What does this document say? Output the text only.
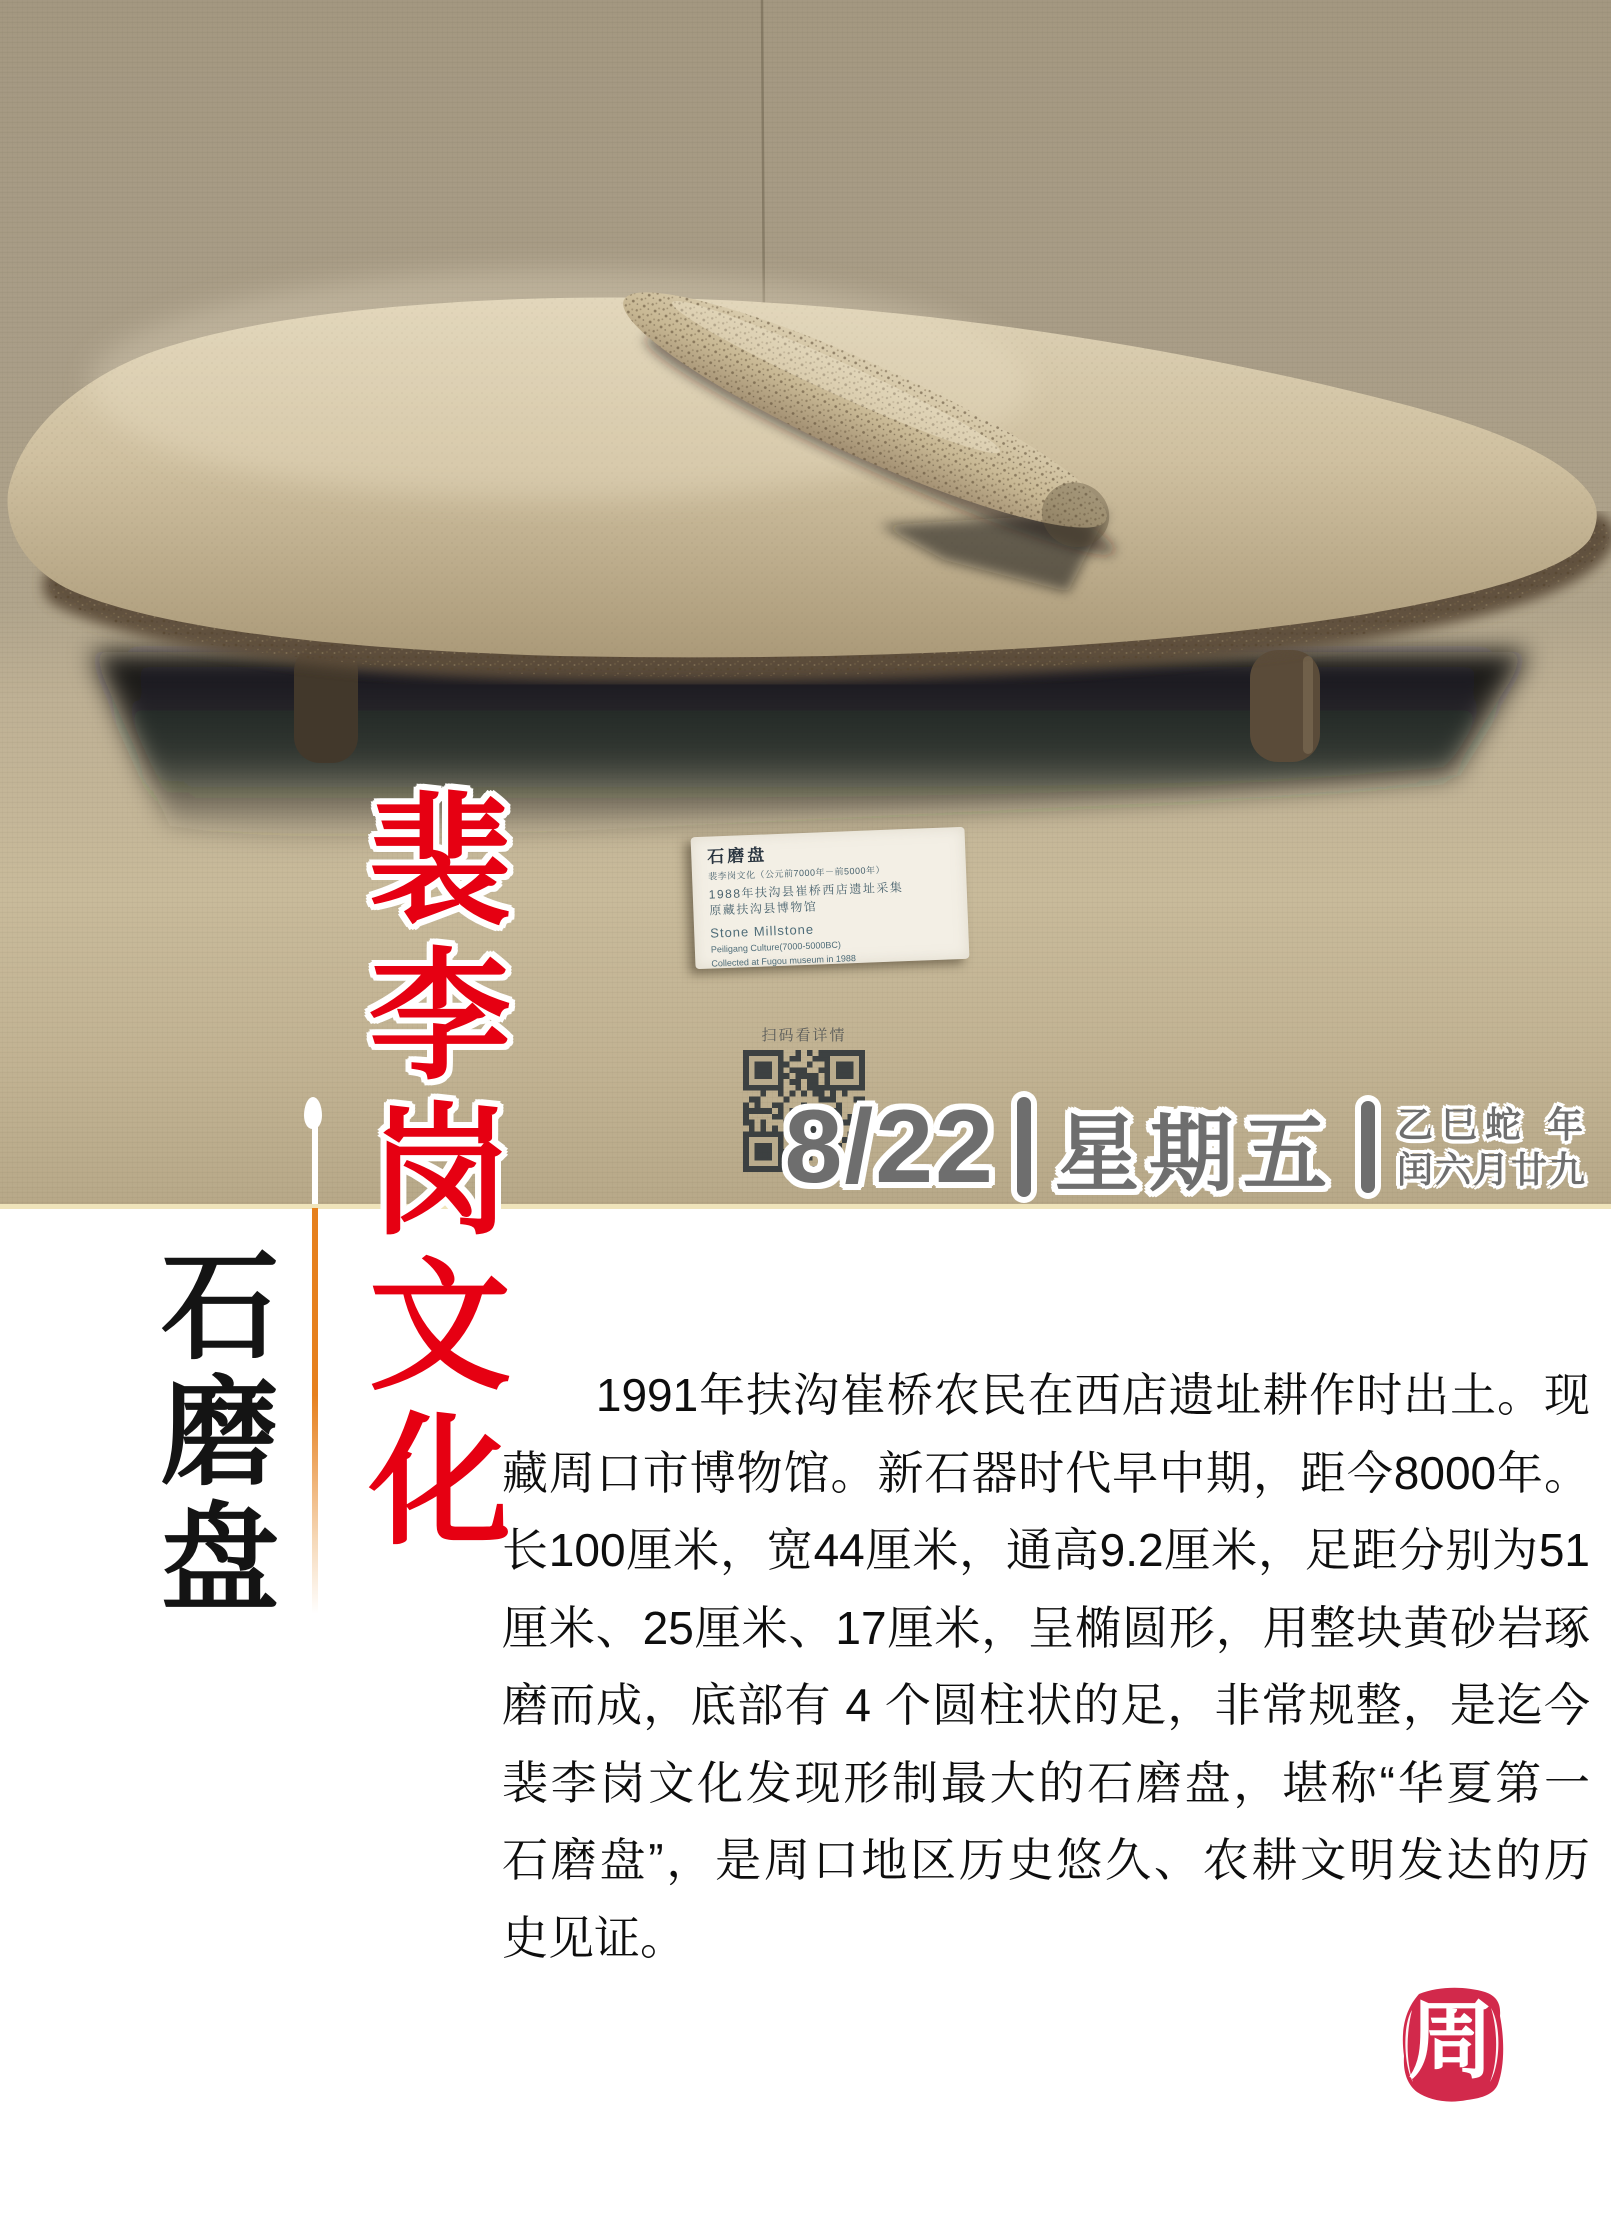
石磨盘
裴李岗文化（公元前7000年－前5000年）
1988年扶沟县崔桥西店遗址采集
原藏扶沟县博物馆
Stone Millstone
Peiligang Culture(7000-5000BC)
Collected at Fugou museum in 1988
扫码看详情
8/22 星期五 乙巳蛇 年
闰六月廿九
裴李岗文化
石磨盘	　　1991年扶沟崔桥农民在西店遗址耕作时出土。现
藏周口市博物馆。新石器时代早中期，距今8000年。
长100厘米，宽44厘米，通高9.2厘米，足距分别为51
厘米、25厘米、17厘米，呈椭圆形，用整块黄砂岩琢
磨而成，底部有 4 个圆柱状的足，非常规整，是迄今
裴李岗文化发现形制最大的石磨盘，堪称“华夏第一
石磨盘”，是周口地区历史悠久、农耕文明发达的历
史见证。
周
